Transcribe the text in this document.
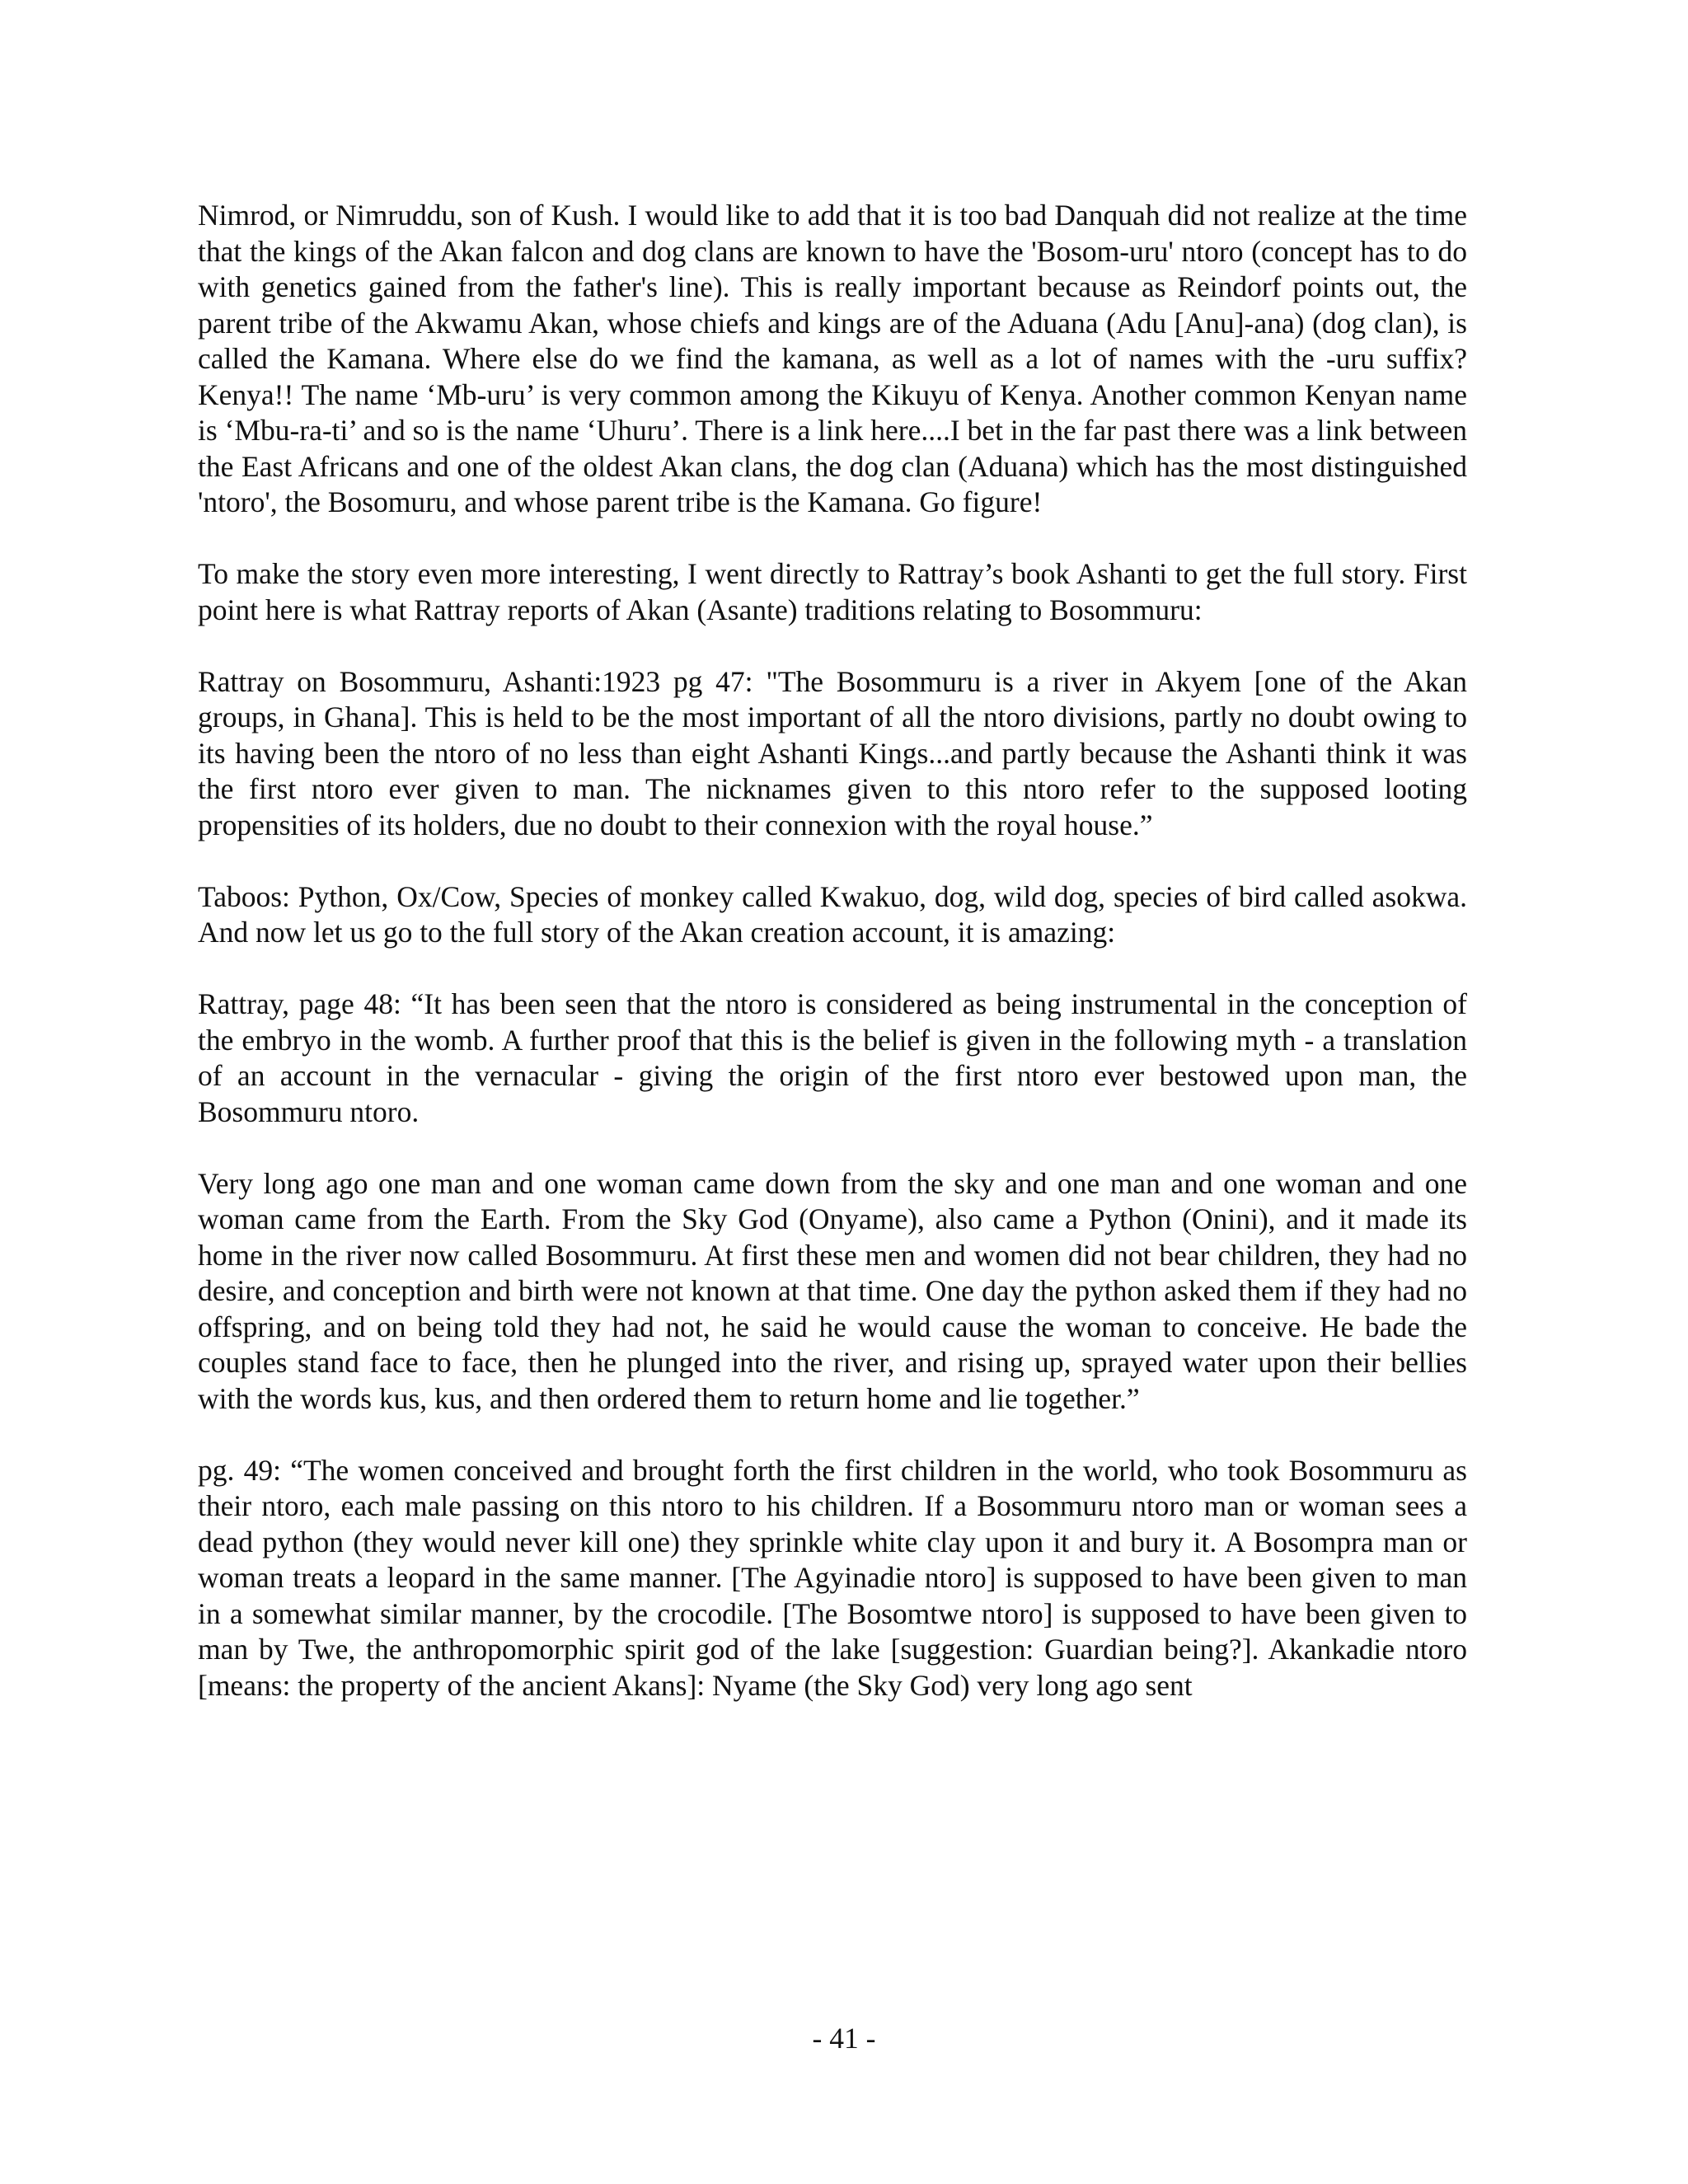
Nimrod, or Nimruddu, son of Kush. I would like to add that it is too bad Danquah did not realize at the time that the kings of the Akan falcon and dog clans are known to have the 'Bosom-uru' ntoro (concept has to do with genetics gained from the father's line). This is really important because as Reindorf points out, the parent tribe of the Akwamu Akan, whose chiefs and kings are of the Aduana (Adu [Anu]-ana) (dog clan), is called the Kamana. Where else do we find the kamana, as well as a lot of names with the -uru suffix? Kenya!! The name ‘Mb-uru’ is very common among the Kikuyu of Kenya. Another common Kenyan name is ‘Mbu-ra-ti’ and so is the name ‘Uhuru’. There is a link here....I bet in the far past there was a link between the East Africans and one of the oldest Akan clans, the dog clan (Aduana) which has the most distinguished 'ntoro', the Bosomuru, and whose parent tribe is the Kamana. Go figure!

To make the story even more interesting, I went directly to Rattray’s book Ashanti to get the full story. First point here is what Rattray reports of Akan (Asante) traditions relating to Bosommuru:

Rattray on Bosommuru, Ashanti:1923 pg 47: "The Bosommuru is a river in Akyem [one of the Akan groups, in Ghana]. This is held to be the most important of all the ntoro divisions, partly no doubt owing to its having been the ntoro of no less than eight Ashanti Kings...and partly because the Ashanti think it was the first ntoro ever given to man. The nicknames given to this ntoro refer to the supposed looting propensities of its holders, due no doubt to their connexion with the royal house.”

Taboos: Python, Ox/Cow, Species of monkey called Kwakuo, dog, wild dog, species of bird called asokwa. And now let us go to the full story of the Akan creation account, it is amazing:

Rattray, page 48: “It has been seen that the ntoro is considered as being instrumental in the conception of the embryo in the womb. A further proof that this is the belief is given in the following myth - a translation of an account in the vernacular - giving the origin of the first ntoro ever bestowed upon man, the Bosommuru ntoro.

Very long ago one man and one woman came down from the sky and one man and one woman and one woman came from the Earth. From the Sky God (Onyame), also came a Python (Onini), and it made its home in the river now called Bosommuru. At first these men and women did not bear children, they had no desire, and conception and birth were not known at that time. One day the python asked them if they had no offspring, and on being told they had not, he said he would cause the woman to conceive. He bade the couples stand face to face, then he plunged into the river, and rising up, sprayed water upon their bellies with the words kus, kus, and then ordered them to return home and lie together.”

pg. 49: “The women conceived and brought forth the first children in the world, who took Bosommuru as their ntoro, each male passing on this ntoro to his children. If a Bosommuru ntoro man or woman sees a dead python (they would never kill one) they sprinkle white clay upon it and bury it. A Bosompra man or woman treats a leopard in the same manner. [The Agyinadie ntoro] is supposed to have been given to man in a somewhat similar manner, by the crocodile. [The Bosomtwe ntoro] is supposed to have been given to man by Twe, the anthropomorphic spirit god of the lake [suggestion: Guardian being?]. Akankadie ntoro [means: the property of the ancient Akans]: Nyame (the Sky God) very long ago sent

- 41 -
